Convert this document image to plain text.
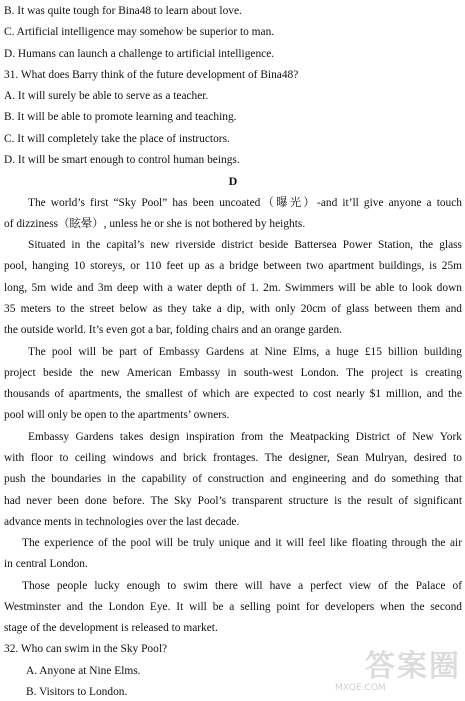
B. It was quite tough for Bina48 to learn about love.
C. Artificial intelligence may somehow be superior to man.
D. Humans can launch a challenge to artificial intelligence.
31. What does Barry think of the future development of Bina48?
A. It will surely be able to serve as a teacher.
B. It will be able to promote learning and teaching.
C. It will completely take the place of instructors.
D. It will be smart enough to control human beings.
D
The world’s first “Sky Pool” has been uncoated（曝光）-and it’ll give anyone a touch
of dizziness（眩晕）, unless he or she is not bothered by heights.
Situated in the capital’s new riverside district beside Battersea Power Station, the glass
pool, hanging 10 storeys, or 110 feet up as a bridge between two apartment buildings, is 25m
long, 5m wide and 3m deep with a water depth of 1. 2m. Swimmers will be able to look down
35 meters to the street below as they take a dip, with only 20cm of glass between them and
the outside world. It’s even got a bar, folding chairs and an orange garden.
The pool will be part of Embassy Gardens at Nine Elms, a huge £15 billion building
project beside the new American Embassy in south-west London. The project is creating
thousands of apartments, the smallest of which are expected to cost nearly $1 million, and the
pool will only be open to the apartments’ owners.
Embassy Gardens takes design inspiration from the Meatpacking District of New York
with floor to ceiling windows and brick frontages. The designer, Sean Mulryan, desired to
push the boundaries in the capability of construction and engineering and do something that
had never been done before. The Sky Pool’s transparent structure is the result of significant
advance ments in technologies over the last decade.
The experience of the pool will be truly unique and it will feel like floating through the air
in central London.
Those people lucky enough to swim there will have a perfect view of the Palace of
Westminster and the London Eye. It will be a selling point for developers when the second
stage of the development is released to market.
32. Who can swim in the Sky Pool?
A. Anyone at Nine Elms.
B. Visitors to London.
答案圈
MXQE.COM
